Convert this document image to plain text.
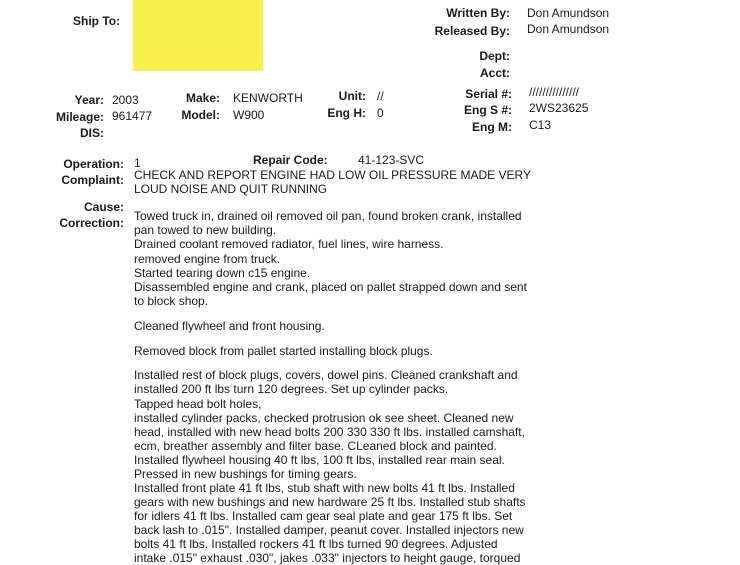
Ship To:
Written By: Don Amundson
Released By: Don Amundson
Dept:
Acct:
Year: 2003
Mileage: 961477
DIS:
Make: KENWORTH
Model: W900
Unit: //
Eng H: 0
Serial #: ///////////////
Eng S #: 2WS23625
Eng M: C13
Operation: 1	Repair Code:	41-123-SVC
Complaint: CHECK AND REPORT ENGINE HAD LOW OIL PRESSURE MADE VERY
LOUD NOISE AND QUIT RUNNING
Cause:
Correction: Towed truck in, drained oil removed oil pan, found broken crank, installed
pan towed to new building.
Drained coolant removed radiator, fuel lines, wire harness.
removed engine from truck.
Started tearing down c15 engine.
Disassembled engine and crank, placed on pallet strapped down and sent
to block shop.
Cleaned flywheel and front housing.
Removed block from pallet started installing block plugs.
Installed rest of block plugs, covers, dowel pins. Cleaned crankshaft and
installed 200 ft lbs turn 120 degrees. Set up cylinder packs.
Tapped head bolt holes,
installed cylinder packs, checked protrusion ok see sheet. Cleaned new
head, installed with new head bolts 200 330 330 ft lbs. installed camshaft,
ecm, breather assembly and filter base. CLeaned block and painted.
Installed flywheel housing 40 ft lbs, 100 ft lbs, installed rear main seal.
Pressed in new bushings for timing gears.
Installed front plate 41 ft lbs, stub shaft with new bolts 41 ft lbs. Installed
gears with new bushings and new hardware 25 ft lbs. Installed stub shafts
for idlers 41 ft lbs. Installed cam gear seal plate and gear 175 ft lbs. Set
back lash to .015". Installed damper, peanut cover. Installed injectors new
bolts 41 ft lbs. Installed rockers 41 ft lbs turned 90 degrees. Adjusted
intake .015" exhaust .030", jakes .033" injectors to height gauge, torqued
